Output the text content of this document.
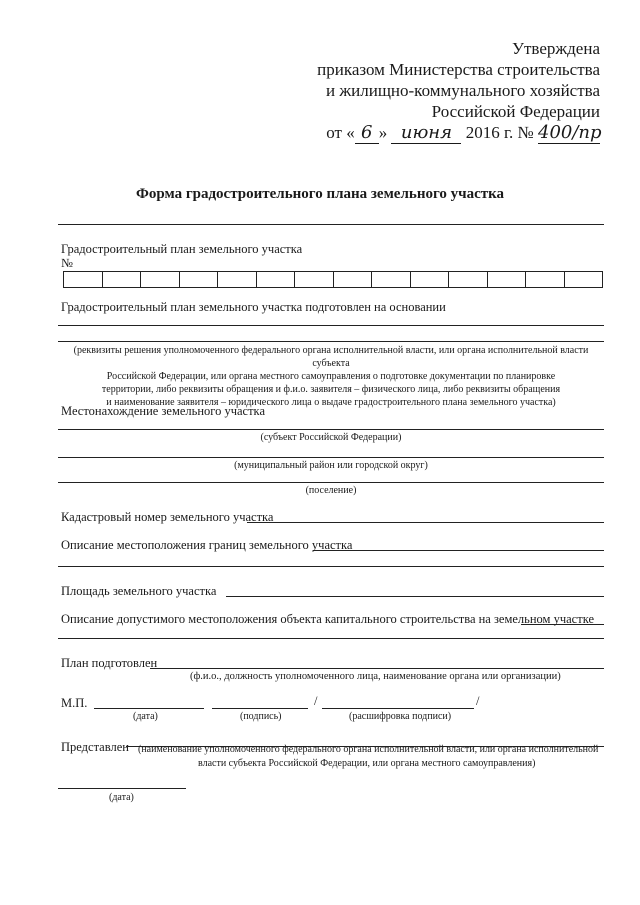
Утверждена
приказом Министерства строительства
и жилищно-коммунального хозяйства
Российской Федерации
от « 6 » июня 2016 г. № 400/пр
Форма градостроительного плана земельного участка
Градостроительный план земельного участка
№
Градостроительный план земельного участка подготовлен на основании
(реквизиты решения уполномоченного федерального органа исполнительной власти, или органа исполнительной власти субъекта
Российской Федерации, или органа местного самоуправления о подготовке документации по планировке
территории, либо реквизиты обращения и ф.и.о. заявителя – физического лица, либо реквизиты обращения
и наименование заявителя – юридического лица о выдаче градостроительного плана земельного участка)
Местонахождение земельного участка
(субъект Российской Федерации)
(муниципальный район или городской округ)
(поселение)
Кадастровый номер земельного участка
Описание местоположения границ земельного участка
Площадь земельного участка
Описание допустимого местоположения объекта капитального строительства на земельном участке
План подготовлен
(ф.и.о., должность уполномоченного лица, наименование органа или организации)
М.П.
(дата)	(подпись)
/	/
(расшифровка подписи)
Представлен (наименование уполномоченного федерального органа исполнительной власти, или органа исполнительной
власти субъекта Российской Федерации, или органа местного самоуправления)
(дата)
